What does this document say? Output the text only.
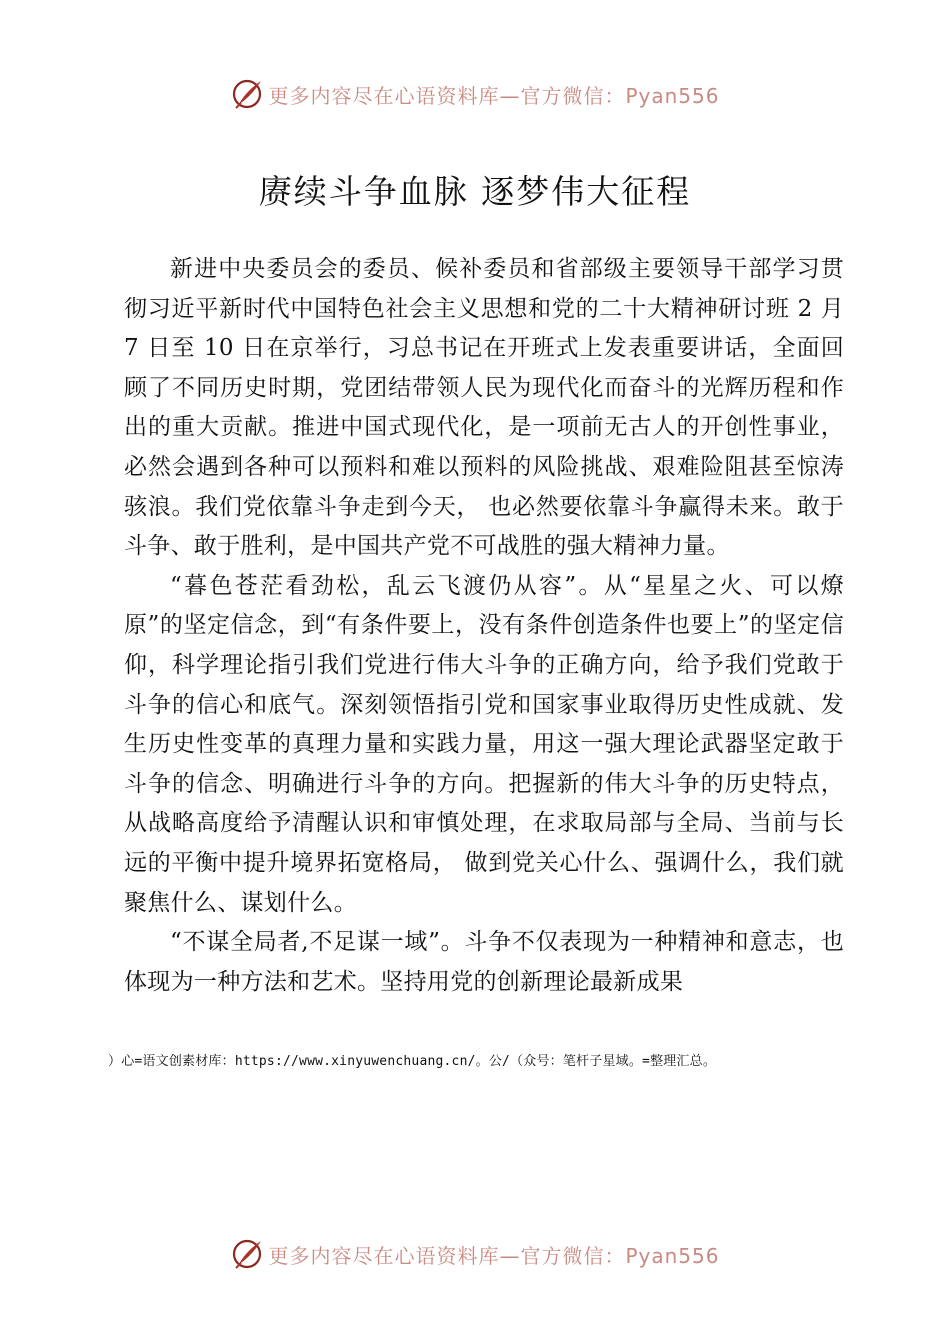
更多内容尽在心语资料库—官方微信：Pyan556
赓续斗争血脉 逐梦伟大征程

新进中央委员会的委员、候补委员和省部级主要领导干部学习贯彻习近平新时代中国特色社会主义思想和党的二十大精神研讨班 2 月 7 日至 10 日在京举行，习总书记在开班式上发表重要讲话，全面回顾了不同历史时期，党团结带领人民为现代化而奋斗的光辉历程和作出的重大贡献。推进中国式现代化，是一项前无古人的开创性事业，必然会遇到各种可以预料和难以预料的风险挑战、艰难险阻甚至惊涛骇浪。我们党依靠斗争走到今天， 也必然要依靠斗争赢得未来。敢于斗争、敢于胜利，是中国共产党不可战胜的强大精神力量。

“暮色苍茫看劲松，乱云飞渡仍从容”。从“星星之火、可以燎原”的坚定信念，到“有条件要上，没有条件创造条件也要上”的坚定信仰，科学理论指引我们党进行伟大斗争的正确方向，给予我们党敢于斗争的信心和底气。深刻领悟指引党和国家事业取得历史性成就、发生历史性变革的真理力量和实践力量，用这一强大理论武器坚定敢于斗争的信念、明确进行斗争的方向。把握新的伟大斗争的历史特点，从战略高度给予清醒认识和审慎处理，在求取局部与全局、当前与长远的平衡中提升境界拓宽格局， 做到党关心什么、强调什么，我们就聚焦什么、谋划什么。

“不谋全局者,不足谋一域”。斗争不仅表现为一种精神和意志，也体现为一种方法和艺术。坚持用党的创新理论最新成果

）心=语文创素材库：https://www.xinyuwenchuang.cn/。公/（众号：笔杆子星域。=整理汇总。
更多内容尽在心语资料库—官方微信：Pyan556
